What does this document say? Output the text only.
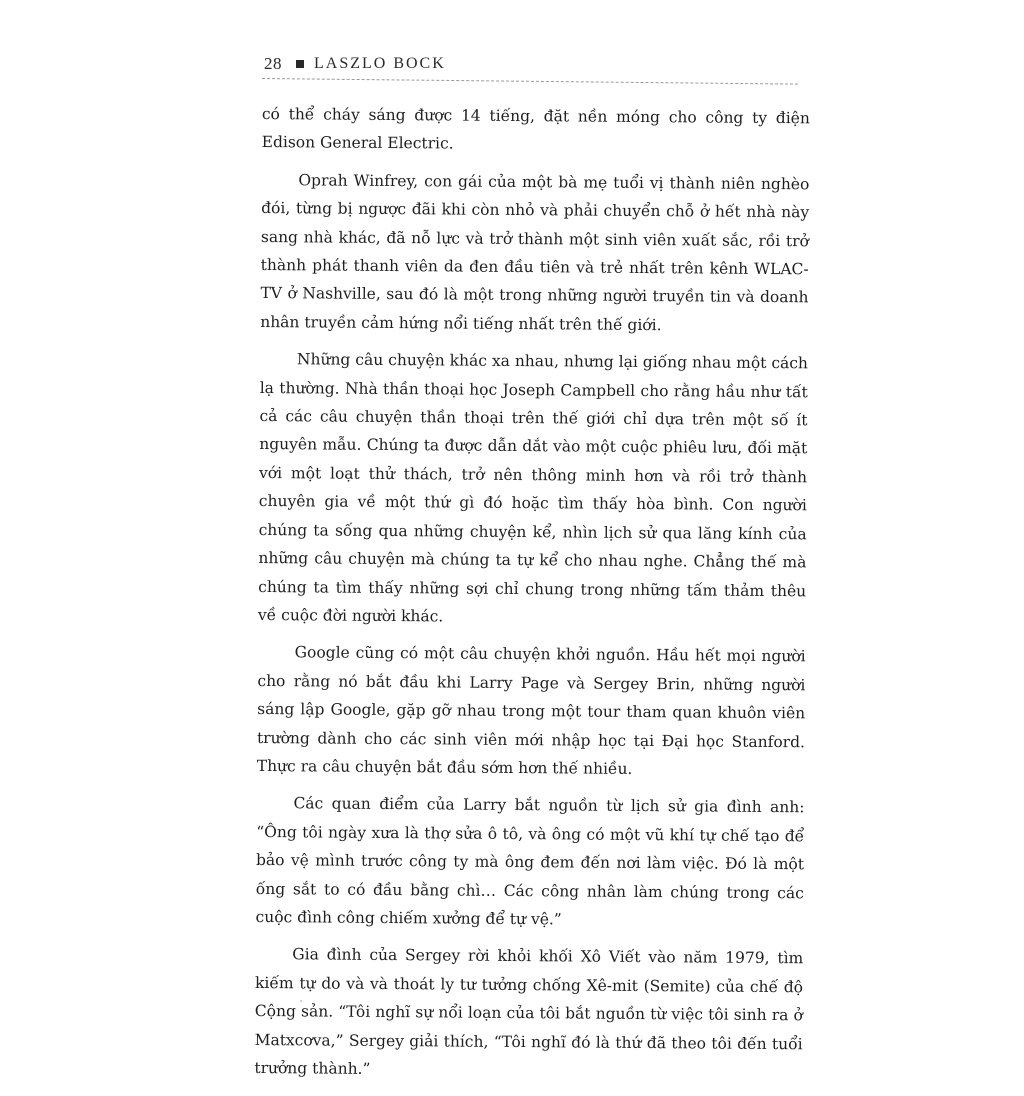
28 LASZLO BOCK

có thể cháy sáng được 14 tiếng, đặt nền móng cho công ty điện Edison General Electric.

Oprah Winfrey, con gái của một bà mẹ tuổi vị thành niên nghèo đói, từng bị ngược đãi khi còn nhỏ và phải chuyển chỗ ở hết nhà này sang nhà khác, đã nỗ lực và trở thành một sinh viên xuất sắc, rồi trở thành phát thanh viên da đen đầu tiên và trẻ nhất trên kênh WLAC-TV ở Nashville, sau đó là một trong những người truyền tin và doanh nhân truyền cảm hứng nổi tiếng nhất trên thế giới.

Những câu chuyện khác xa nhau, nhưng lại giống nhau một cách lạ thường. Nhà thần thoại học Joseph Campbell cho rằng hầu như tất cả các câu chuyện thần thoại trên thế giới chỉ dựa trên một số ít nguyên mẫu. Chúng ta được dẫn dắt vào một cuộc phiêu lưu, đối mặt với một loạt thử thách, trở nên thông minh hơn và rồi trở thành chuyên gia về một thứ gì đó hoặc tìm thấy hòa bình. Con người chúng ta sống qua những chuyện kể, nhìn lịch sử qua lăng kính của những câu chuyện mà chúng ta tự kể cho nhau nghe. Chẳng thế mà chúng ta tìm thấy những sợi chỉ chung trong những tấm thảm thêu về cuộc đời người khác.

Google cũng có một câu chuyện khởi nguồn. Hầu hết mọi người cho rằng nó bắt đầu khi Larry Page và Sergey Brin, những người sáng lập Google, gặp gỡ nhau trong một tour tham quan khuôn viên trường dành cho các sinh viên mới nhập học tại Đại học Stanford. Thực ra câu chuyện bắt đầu sớm hơn thế nhiều.

Các quan điểm của Larry bắt nguồn từ lịch sử gia đình anh: “Ông tôi ngày xưa là thợ sửa ô tô, và ông có một vũ khí tự chế tạo để bảo vệ mình trước công ty mà ông đem đến nơi làm việc. Đó là một ống sắt to có đầu bằng chì… Các công nhân làm chúng trong các cuộc đình công chiếm xưởng để tự vệ.”

Gia đình của Sergey rời khỏi khối Xô Viết vào năm 1979, tìm kiếm tự do và và thoát ly tư tưởng chống Xê-mit (Semite) của chế độ Cộng sản. “Tôi nghĩ sự nổi loạn của tôi bắt nguồn từ việc tôi sinh ra ở Matxcơva,” Sergey giải thích, “Tôi nghĩ đó là thứ đã theo tôi đến tuổi trưởng thành.”
